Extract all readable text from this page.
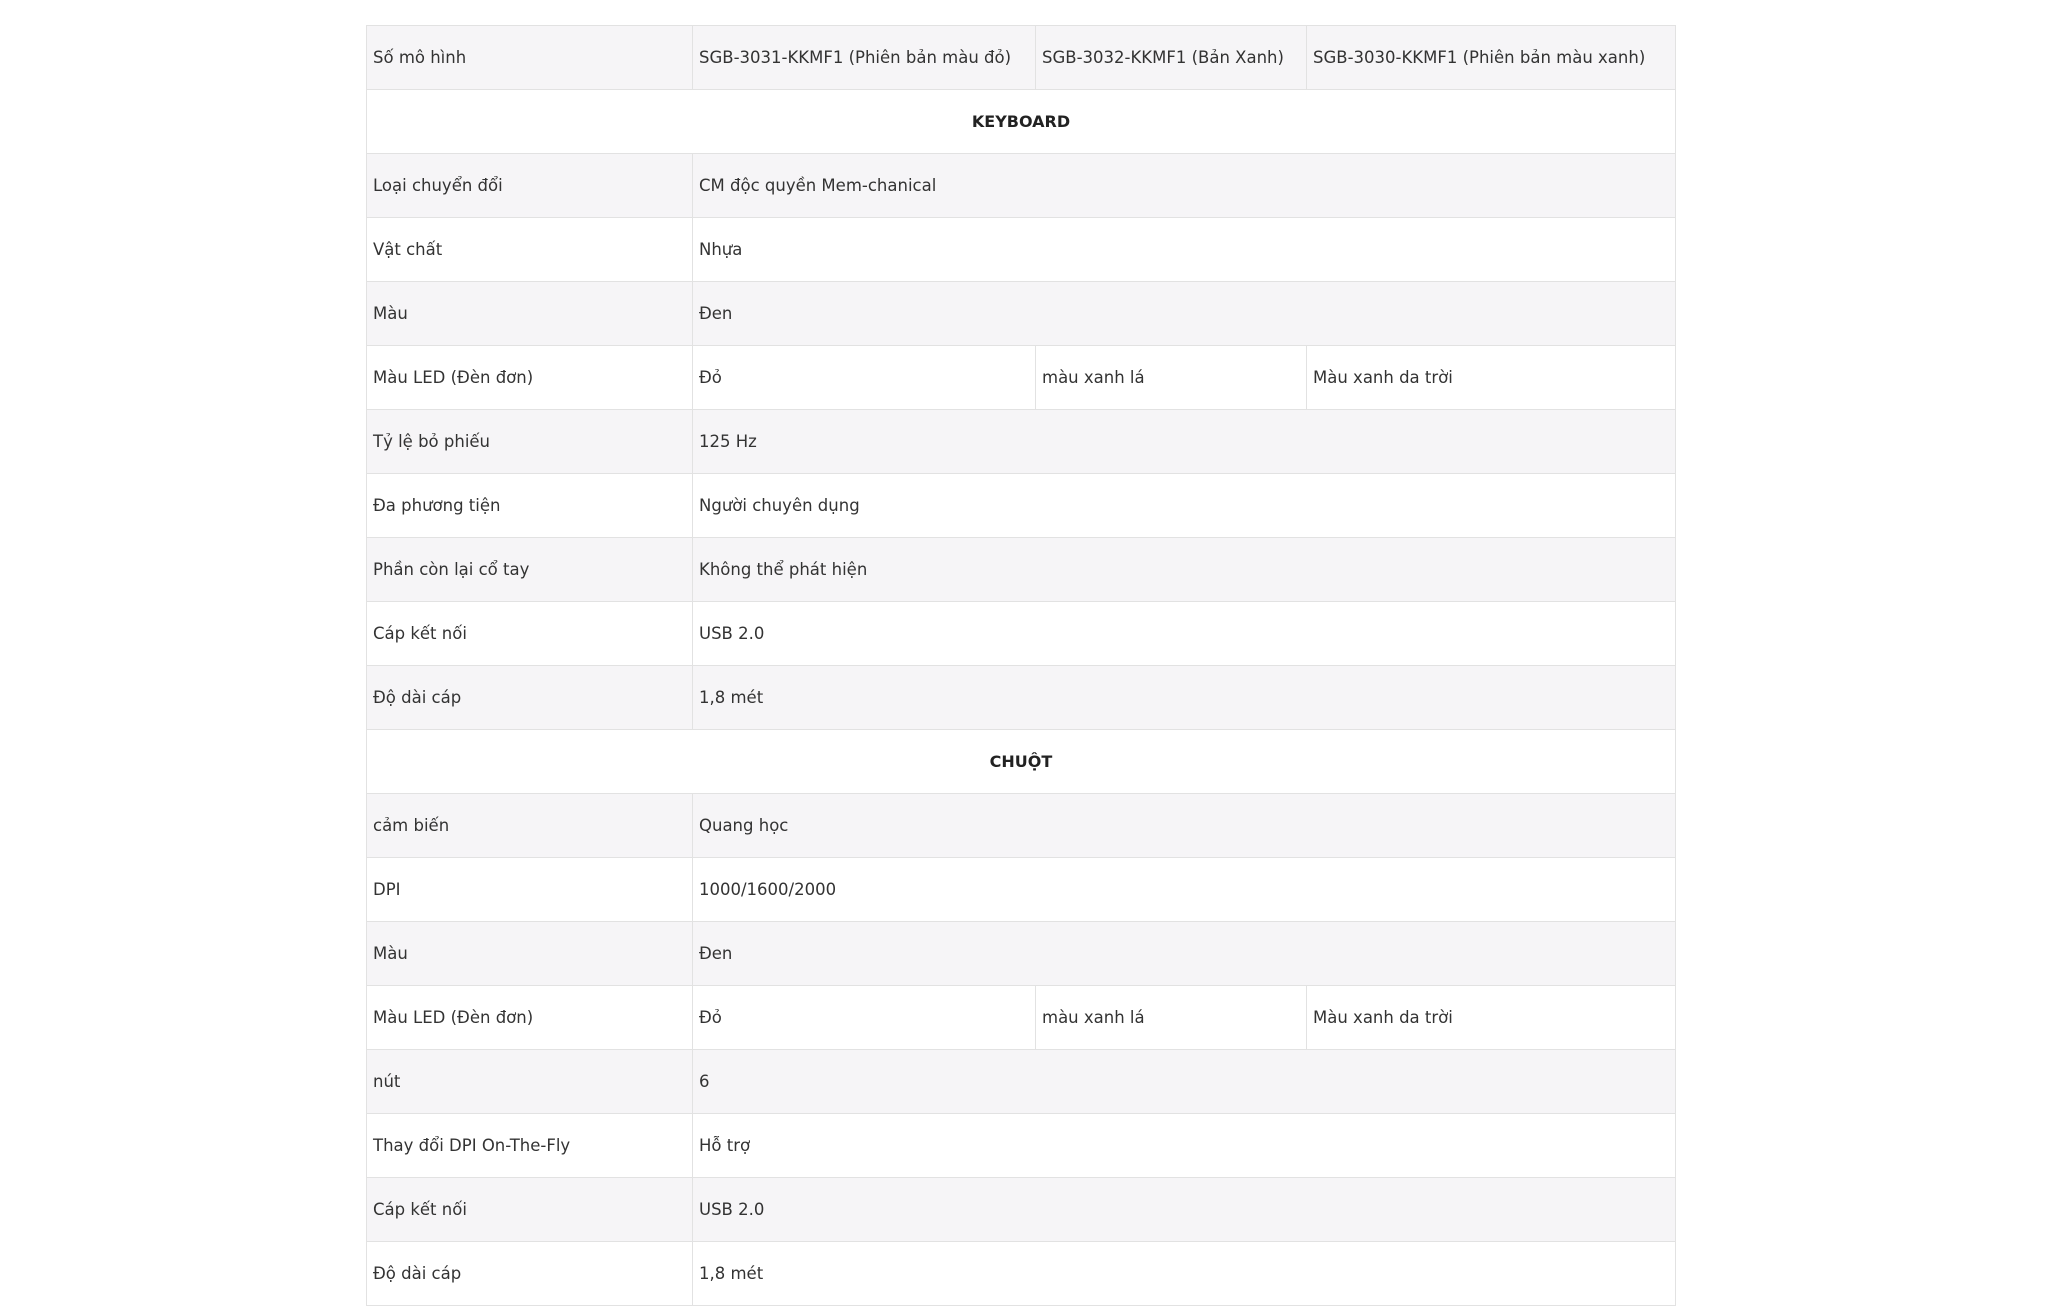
Số mô hình	SGB-3031-KKMF1 (Phiên bản màu đỏ)	SGB-3032-KKMF1 (Bản Xanh)	SGB-3030-KKMF1 (Phiên bản màu xanh)
KEYBOARD			
Loại chuyển đổi	CM độc quyền Mem-chanical		
Vật chất	Nhựa		
Màu	Đen		
Màu LED (Đèn đơn)	Đỏ	màu xanh lá	Màu xanh da trời
Tỷ lệ bỏ phiếu	125 Hz		
Đa phương tiện	Người chuyên dụng		
Phần còn lại cổ tay	Không thể phát hiện		
Cáp kết nối	USB 2.0		
Độ dài cáp	1,8 mét		
CHUỘT			
cảm biến	Quang học		
DPI	1000/1600/2000		
Màu	Đen		
Màu LED (Đèn đơn)	Đỏ	màu xanh lá	Màu xanh da trời
nút	6		
Thay đổi DPI On-The-Fly	Hỗ trợ		
Cáp kết nối	USB 2.0		
Độ dài cáp	1,8 mét		
